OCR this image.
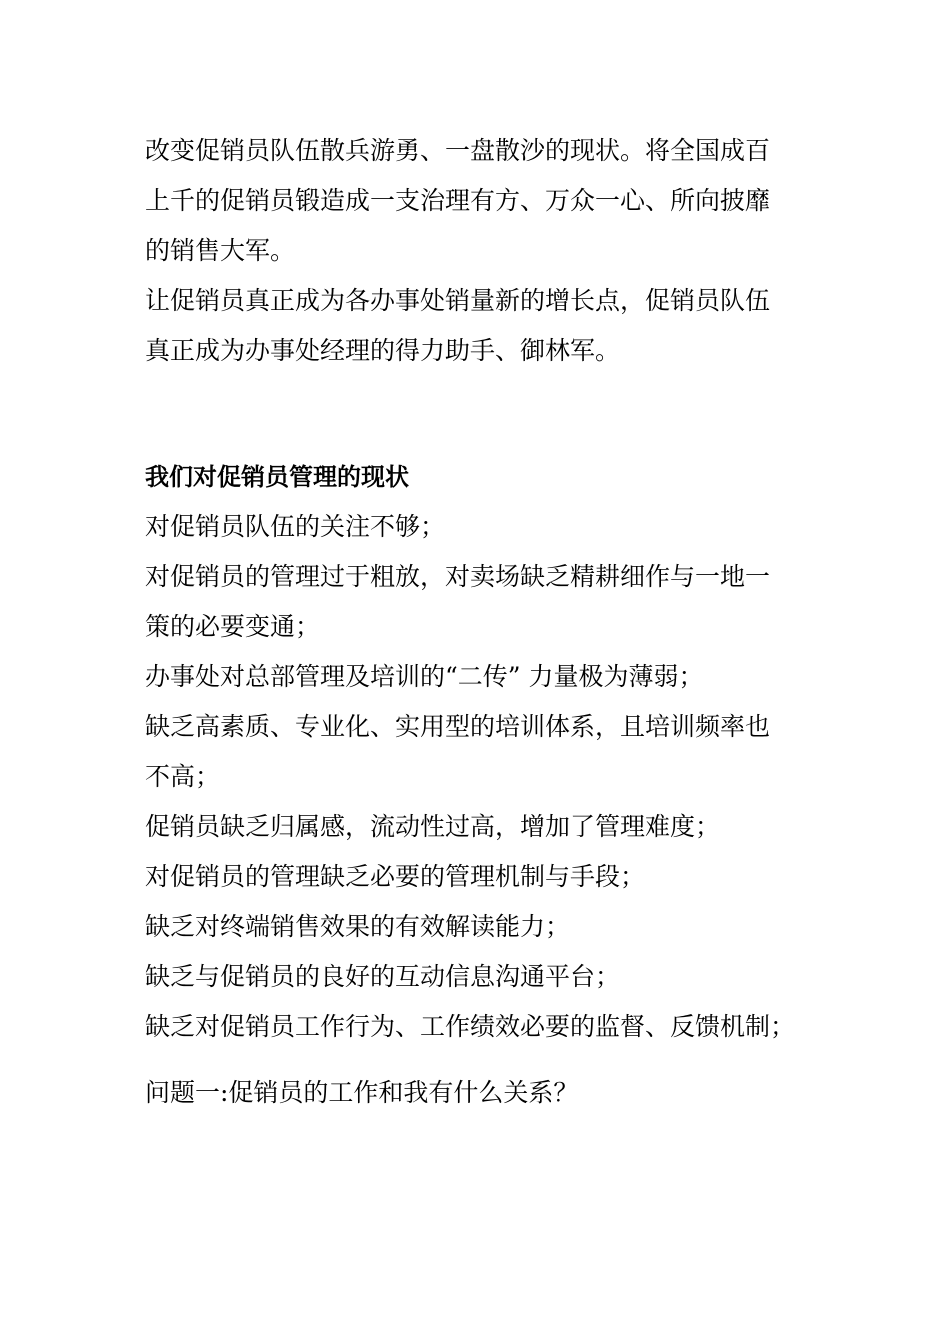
改变促销员队伍散兵游勇、一盘散沙的现状。将全国成百

上千的促销员锻造成一支治理有方、万众一心、所向披靡

的销售大军。

让促销员真正成为各办事处销量新的增长点，促销员队伍

真正成为办事处经理的得力助手、御林军。

我们对促销员管理的现状

对促销员队伍的关注不够；

对促销员的管理过于粗放，对卖场缺乏精耕细作与一地一

策的必要变通；

办事处对总部管理及培训的“二传” 力量极为薄弱；

缺乏高素质、专业化、实用型的培训体系，且培训频率也

不高；

促销员缺乏归属感，流动性过高，增加了管理难度；

对促销员的管理缺乏必要的管理机制与手段；

缺乏对终端销售效果的有效解读能力；

缺乏与促销员的良好的互动信息沟通平台；

缺乏对促销员工作行为、工作绩效必要的监督、反馈机制；

问题一:促销员的工作和我有什么关系？
